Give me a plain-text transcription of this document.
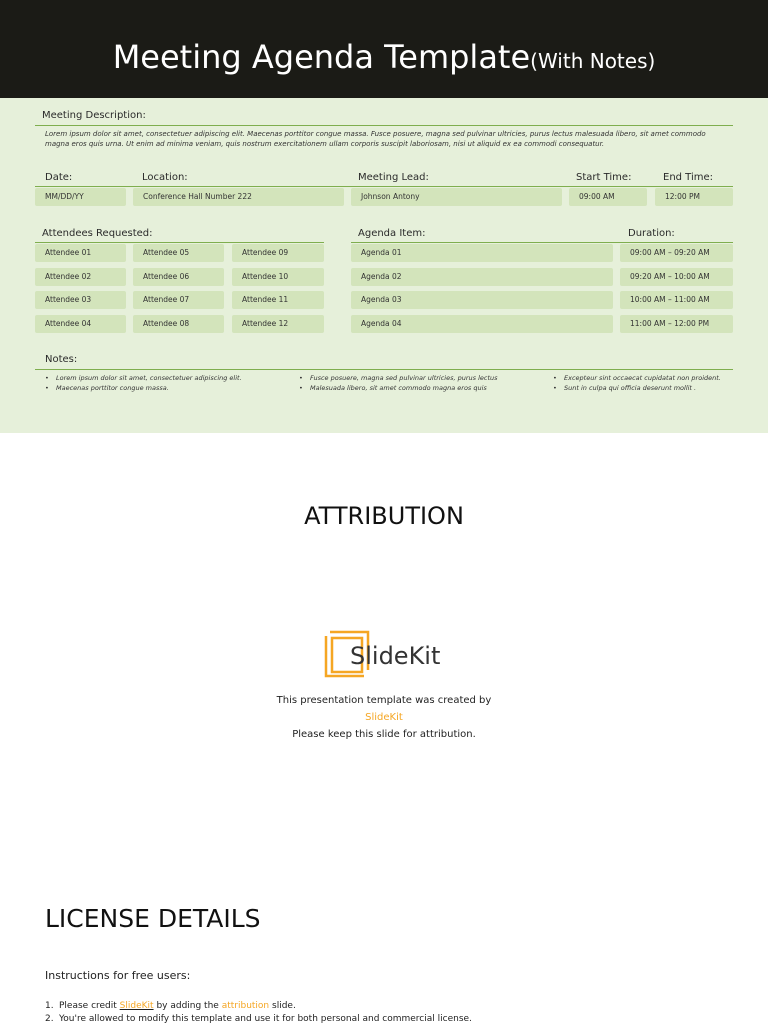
Meeting Agenda Template(With Notes)
Meeting Description:
Lorem ipsum dolor sit amet, consectetuer adipiscing elit. Maecenas porttitor congue massa. Fusce posuere, magna sed pulvinar ultricies, purus lectus malesuada libero, sit amet commodo magna eros quis urna. Ut enim ad minima veniam, quis nostrum exercitationem ullam corporis suscipit laboriosam, nisi ut aliquid ex ea commodi consequatur.
Date:	Location:	Meeting Lead:	Start Time:	End Time:
MM/DD/YY	Conference Hall Number 222	Johnson Antony	09:00 AM	12:00 PM
Attendees Requested:
Attendee 01	Attendee 05	Attendee 09
Attendee 02	Attendee 06	Attendee 10
Attendee 03	Attendee 07	Attendee 11
Attendee 04	Attendee 08	Attendee 12
Agenda Item:	Duration:
Agenda 01	09:00 AM – 09:20 AM
Agenda 02	09:20 AM – 10:00 AM
Agenda 03	10:00 AM – 11:00 AM
Agenda 04	11:00 AM – 12:00 PM
Notes:
• Lorem ipsum dolor sit amet, consectetuer adipiscing elit.
• Maecenas porttitor congue massa.
• Fusce posuere, magna sed pulvinar ultricies, purus lectus
• Malesuada libero, sit amet commodo magna eros quis
• Excepteur sint occaecat cupidatat non proident.
• Sunt in culpa qui officia deserunt mollit .
ATTRIBUTION
SlideKit
This presentation template was created by
SlideKit
Please keep this slide for attribution.
LICENSE DETAILS
Instructions for free users:
1. Please credit SlideKit by adding the attribution slide.
2. You're allowed to modify this template and use it for both personal and commercial license.
